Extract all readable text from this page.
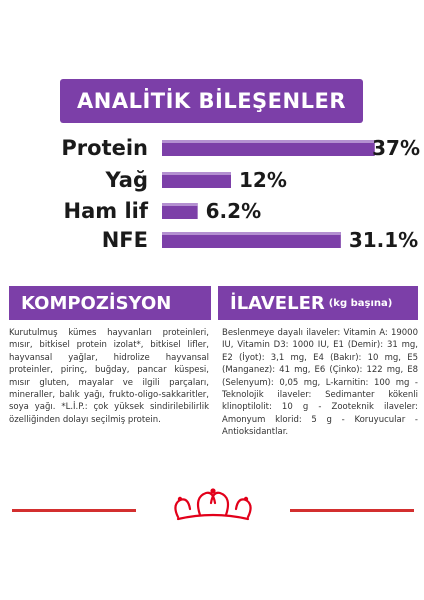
ANALİTİK BİLEŞENLER
Protein	37%
Yağ	12%
Ham lif	6.2%
NFE	31.1%
KOMPOZİSYON
Kurutulmuş kümes hayvanları proteinleri, mısır, bitkisel protein izolat*, bitkisel lifler, hayvansal yağlar, hidrolize hayvansal proteinler, pirinç, buğday, pancar küspesi, mısır gluten, mayalar ve ilgili parçaları, mineraller, balık yağı, frukto-oligo-sakkaritler, soya yağı. *L.İ.P.: çok yüksek sindirilebilirlik özelliğinden dolayı seçilmiş protein.
İLAVELER (kg başına)
Beslenmeye dayalı ilaveler: Vitamin A: 19000 IU, Vitamin D3: 1000 IU, E1 (Demir): 31 mg, E2 (İyot): 3,1 mg, E4 (Bakır): 10 mg, E5 (Manganez): 41 mg, E6 (Çinko): 122 mg, E8 (Selenyum): 0,05 mg, L-karnitin: 100 mg - Teknolojik ilaveler: Sedimanter kökenli klinoptilolit: 10 g - Zooteknik ilaveler: Amonyum klorid: 5 g - Koruyucular - Antioksidantlar.
